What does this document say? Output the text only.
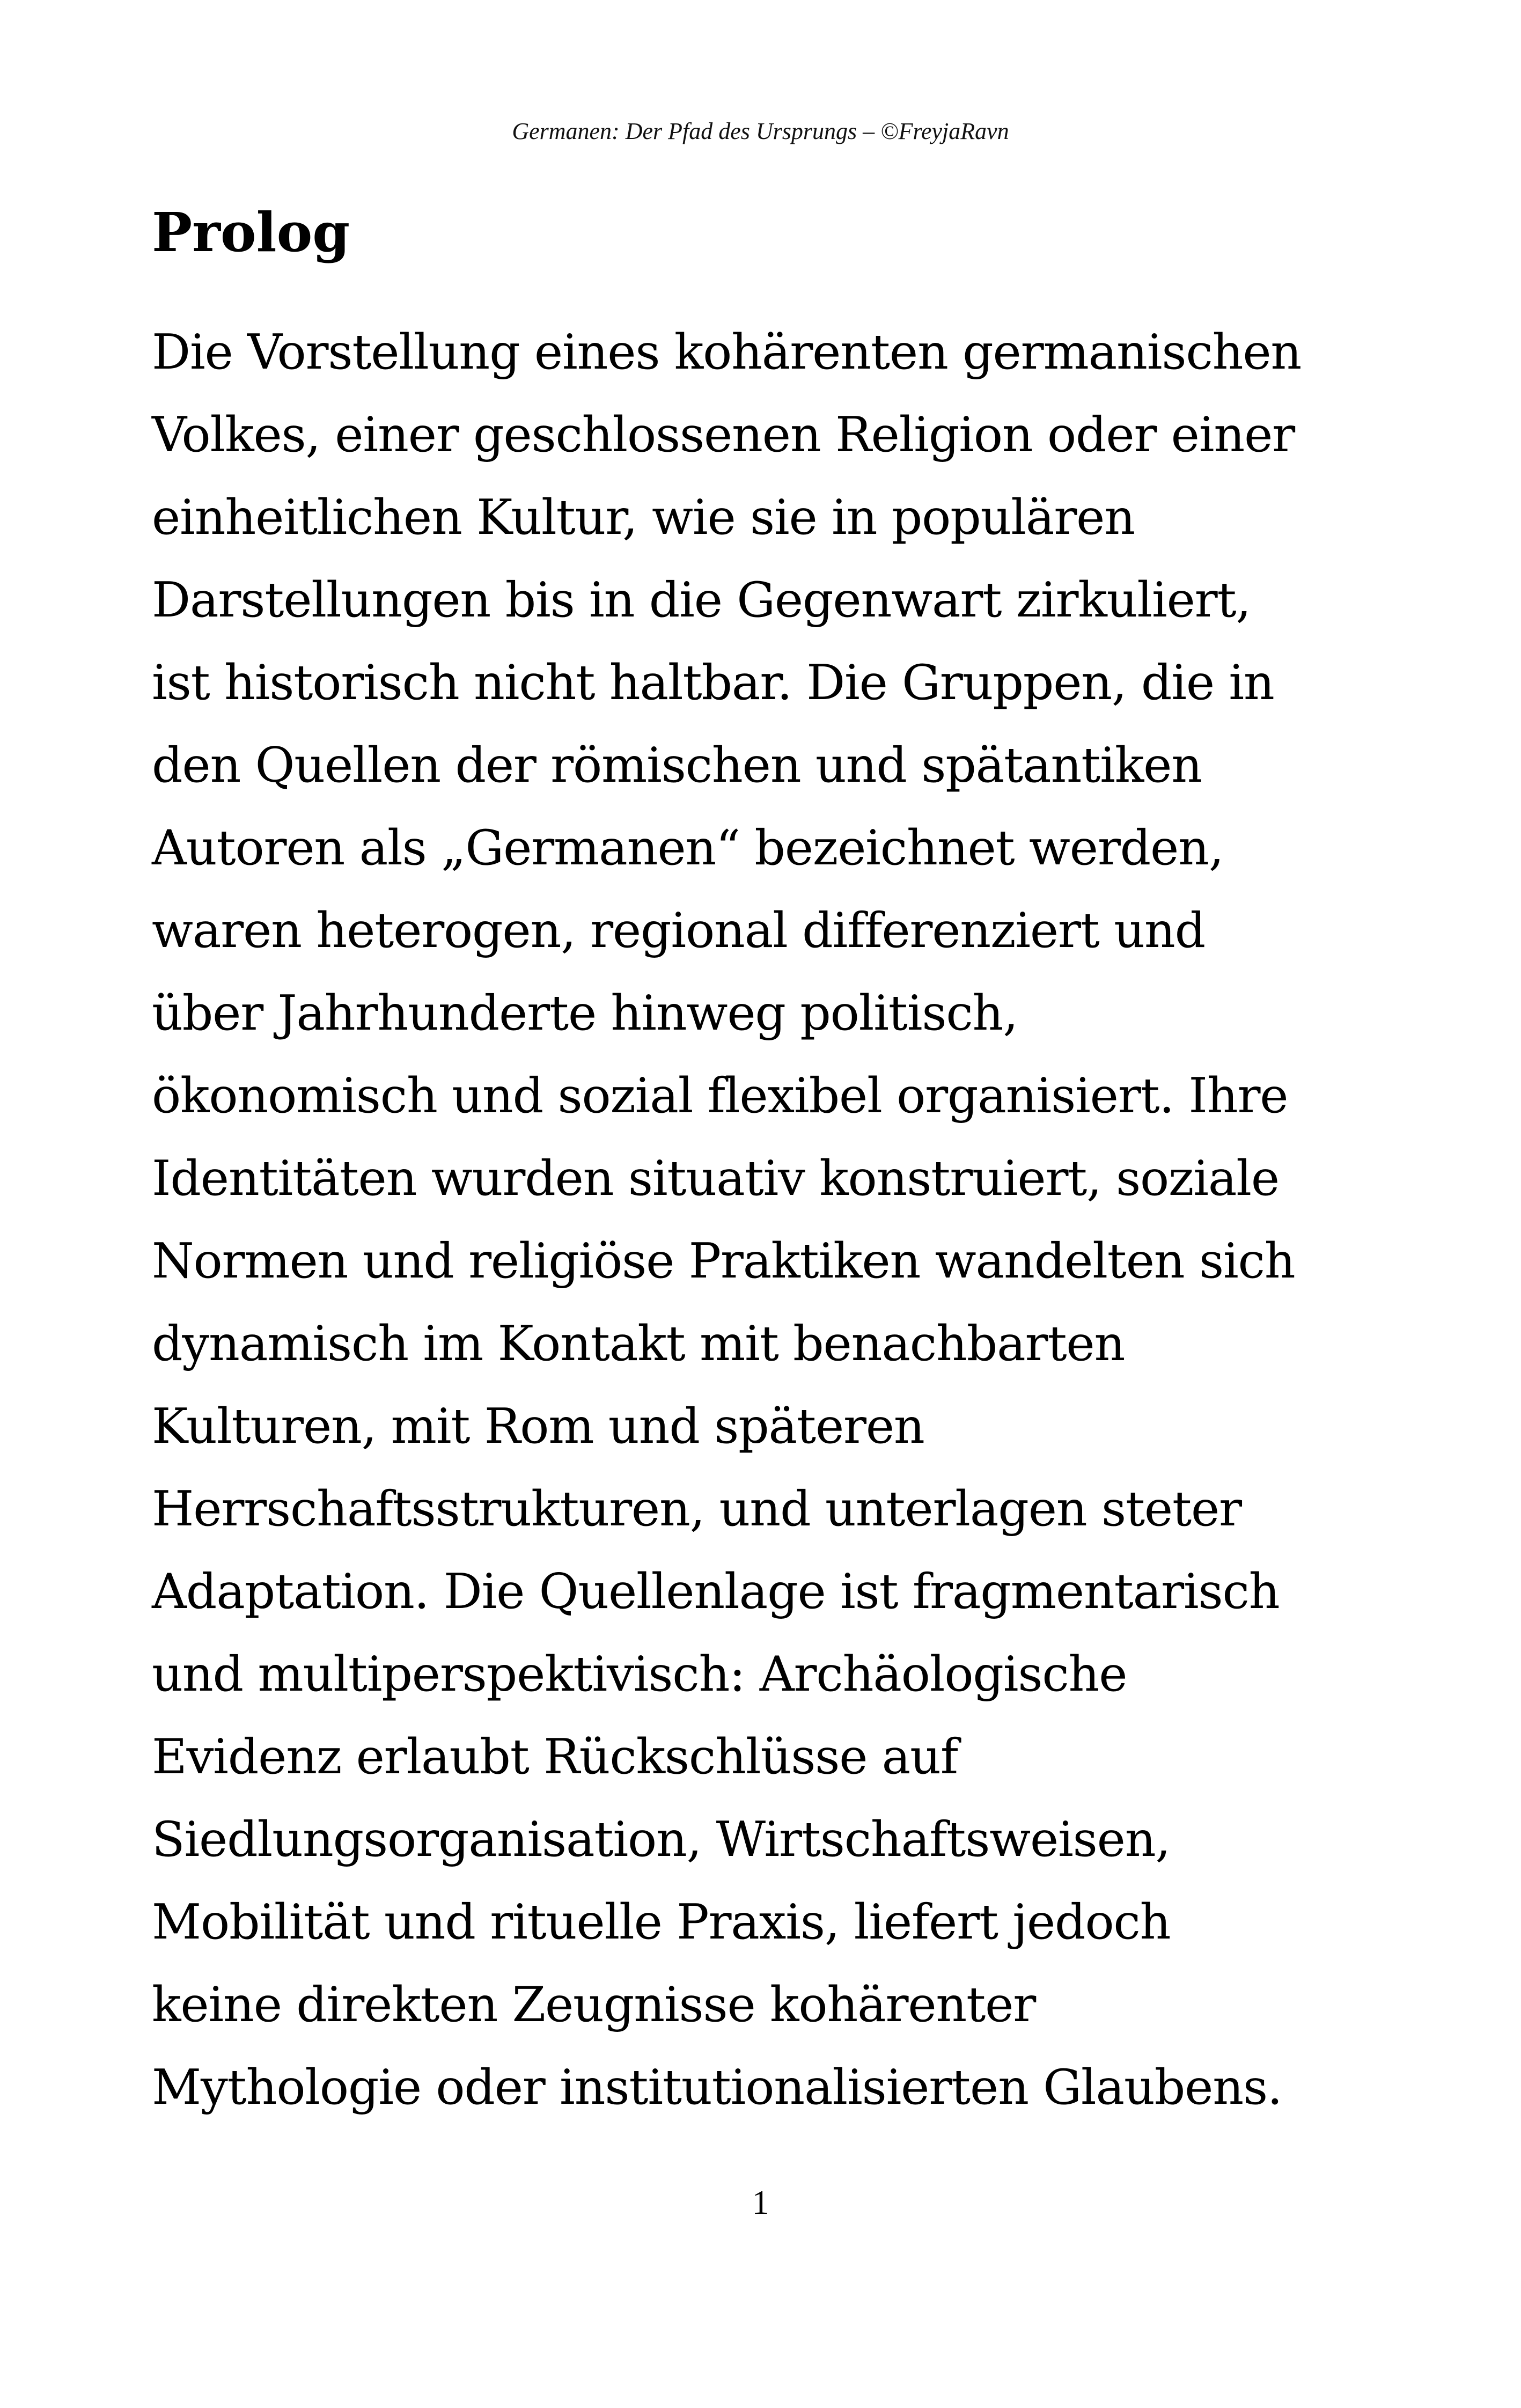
Germanen: Der Pfad des Ursprungs – ©FreyjaRavn
Prolog
Die Vorstellung eines kohärenten germanischen
Volkes, einer geschlossenen Religion oder einer
einheitlichen Kultur, wie sie in populären
Darstellungen bis in die Gegenwart zirkuliert,
ist historisch nicht haltbar. Die Gruppen, die in
den Quellen der römischen und spätantiken
Autoren als „Germanen“ bezeichnet werden,
waren heterogen, regional differenziert und
über Jahrhunderte hinweg politisch,
ökonomisch und sozial flexibel organisiert. Ihre
Identitäten wurden situativ konstruiert, soziale
Normen und religiöse Praktiken wandelten sich
dynamisch im Kontakt mit benachbarten
Kulturen, mit Rom und späteren
Herrschaftsstrukturen, und unterlagen steter
Adaptation. Die Quellenlage ist fragmentarisch
und multiperspektivisch: Archäologische
Evidenz erlaubt Rückschlüsse auf
Siedlungsorganisation, Wirtschaftsweisen,
Mobilität und rituelle Praxis, liefert jedoch
keine direkten Zeugnisse kohärenter
Mythologie oder institutionalisierten Glaubens.
1
